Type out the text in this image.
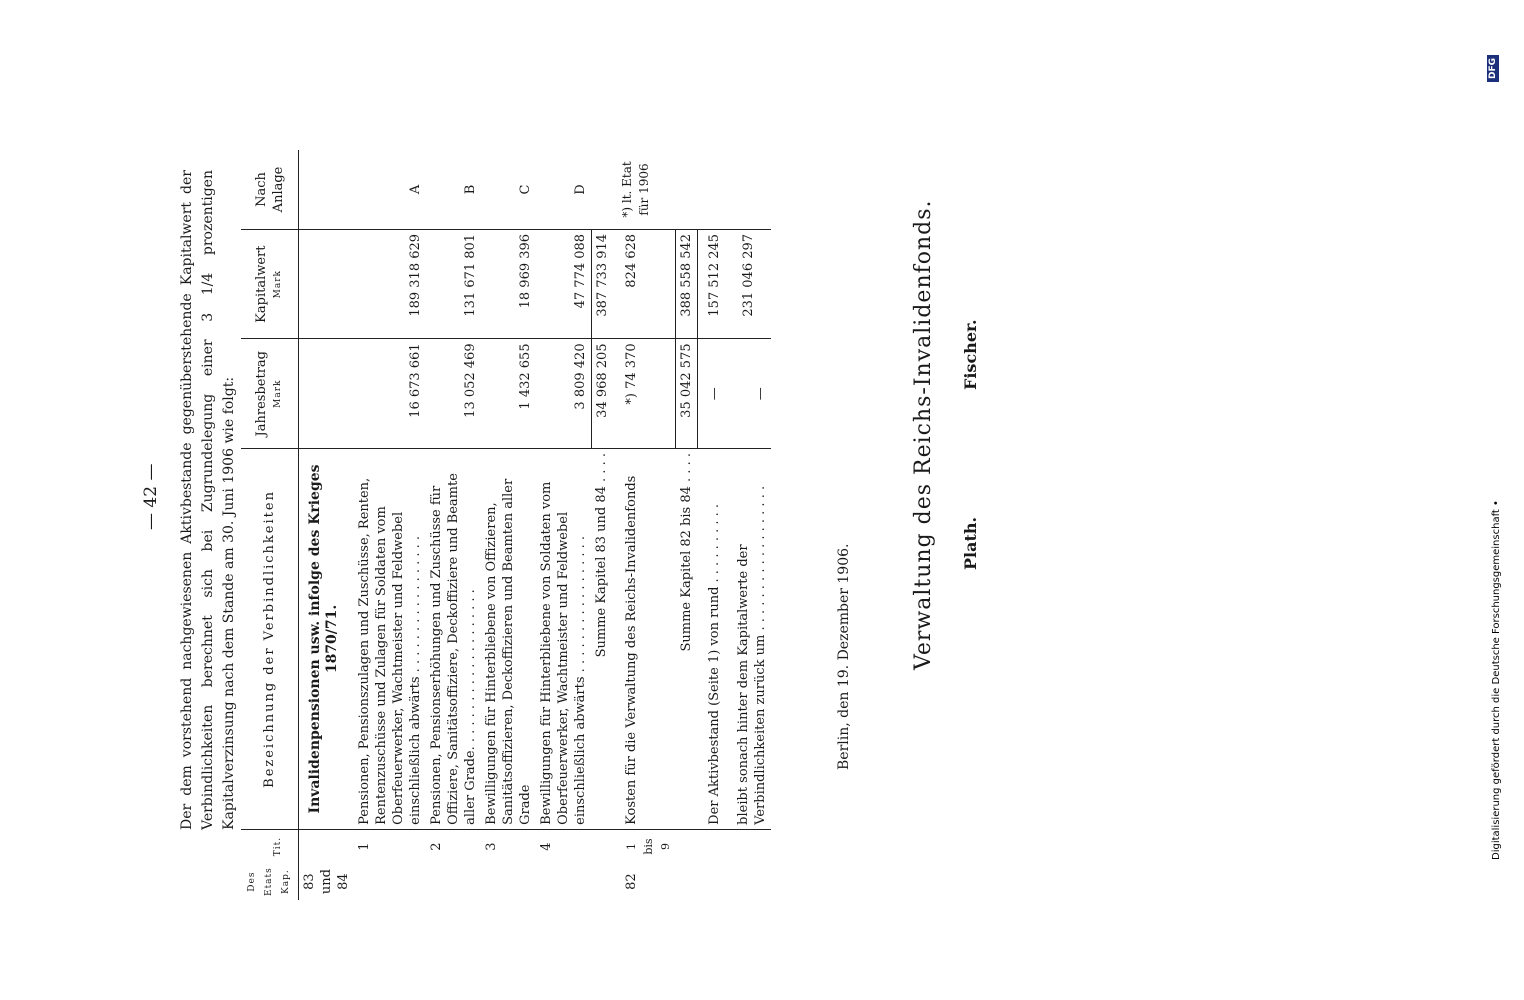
— 42 — Der dem vorstehend nachgewiesenen Aktivbestande gegenüberstehende Kapitalwert der Verbindlichkeiten berechnet sich bei Zugrundelegung einer 3 1/4 prozentigen Kapitalverzinsung nach dem Stande am 30. Juni 1906 wie folgt:

Des Etats Kap.	Tit.	Bezeichnung der Verbindlichkeiten	Jahresbetrag Mark	Kapitalwert Mark	Nach Anlage
83 und 84		Invalidenpensionen usw. infolge des Krieges 1870/71.			
	1	Pensionen, Pensionszulagen und Zuschüsse, Renten, Rentenzuschüsse und Zulagen für Soldaten vom Oberfeuerwerker, Wachtmeister und Feldwebel einschließlich abwärts . . . . . . . . . . . . . . . . .	16 673 661	189 318 629	A
	2	Pensionen, Pensionserhöhungen und Zuschüsse für Offiziere, Sanitätsoffiziere, Deckoffiziere und Beamte aller Grade. . . . . . . . . . . . . . . . . . . .	13 052 469	131 671 801	B
	3	Bewilligungen für Hinterbliebene von Offizieren, Sanitätsoffizieren, Deckoffizieren und Beamten aller Grade	1 432 655	18 969 396	C
	4	Bewilligungen für Hinterbliebene von Soldaten vom Oberfeuerwerker, Wachtmeister und Feldwebel einschließlich abwärts . . . . . . . . . . . . . . . . .	3 809 420	47 774 088	D
		Summe Kapitel 83 und 84 . . . .	34 968 205	387 733 914	
82	1 bis 9	Kosten für die Verwaltung des Reichs-Invalidenfonds	*) 74 370	824 628	*) lt. Etat für 1906
		Summe Kapitel 82 bis 84 . . . .	35 042 575	388 558 542	
		Der Aktivbestand (Seite 1) von rund . . . . . . . . . .	—	157 512 245	
		bleibt sonach hinter dem Kapitalwerte der Verbindlichkeiten zurück um . . . . . . . . . . . . . . . . . .	—	231 046 297	
Berlin, den 19. Dezember 1906.	Verwaltung des Reichs-Invalidenfonds. Plath.
Fischer.
Digitalisierung gefördert durch die Deutsche Forschungsgemeinschaft •
DFG
